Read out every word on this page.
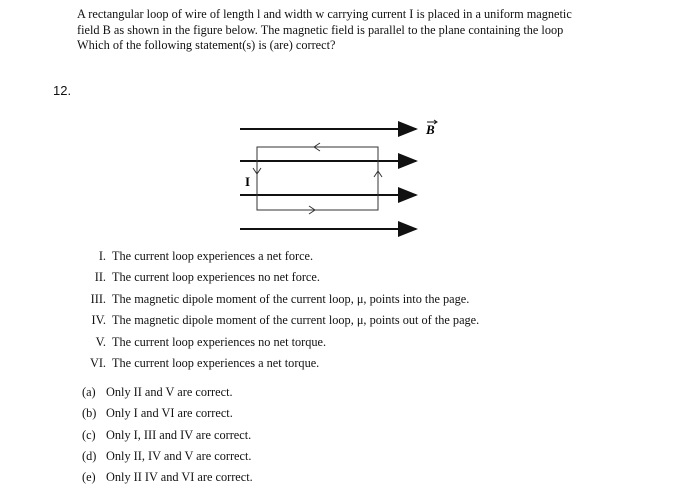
A rectangular loop of wire of length l and width w carrying current I is placed in a uniform magnetic
field B as shown in the figure below. The magnetic field is parallel to the plane containing the loop
Which of the following statement(s) is (are) correct?
12.
B
I
I. The current loop experiences a net force.
II. The current loop experiences no net force.
III. The magnetic dipole moment of the current loop, μ, points into the page.
IV. The magnetic dipole moment of the current loop, μ, points out of the page.
V. The current loop experiences no net torque.
VI. The current loop experiences a net torque.
(a) Only II and V are correct.
(b) Only I and VI are correct.
(c) Only I, III and IV are correct.
(d) Only II, IV and V are correct.
(e) Only II IV and VI are correct.
